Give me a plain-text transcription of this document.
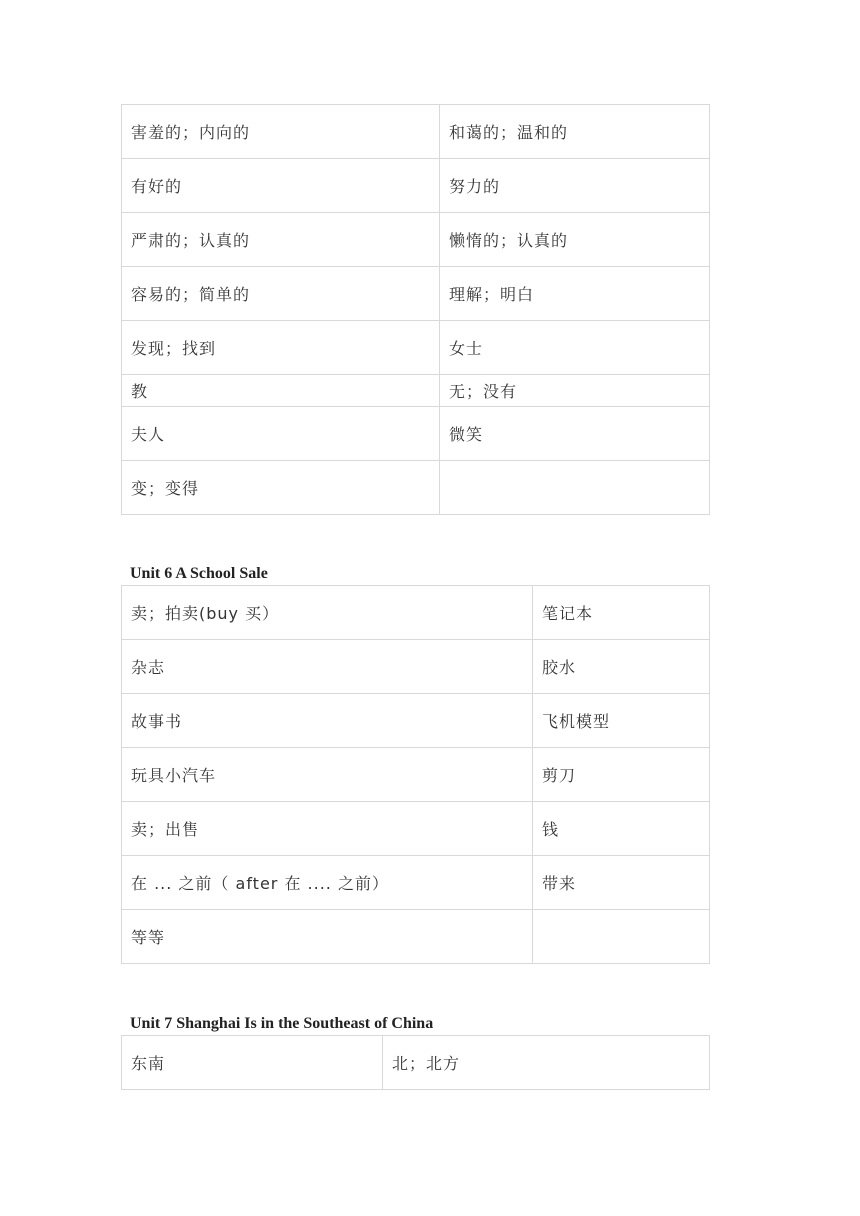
害羞的；内向的	和蔼的；温和的
有好的	努力的
严肃的；认真的	懒惰的；认真的
容易的；简单的	理解；明白
发现；找到	女士
教	无；没有
夫人	微笑
变；变得	
Unit 6 A School Sale
卖；拍卖(buy 买）	笔记本
杂志	胶水
故事书	飞机模型
玩具小汽车	剪刀
卖；出售	钱
在 ... 之前（ after 在 .... 之前）	带来
等等	
Unit 7 Shanghai Is in the Southeast of China
东南	北；北方
